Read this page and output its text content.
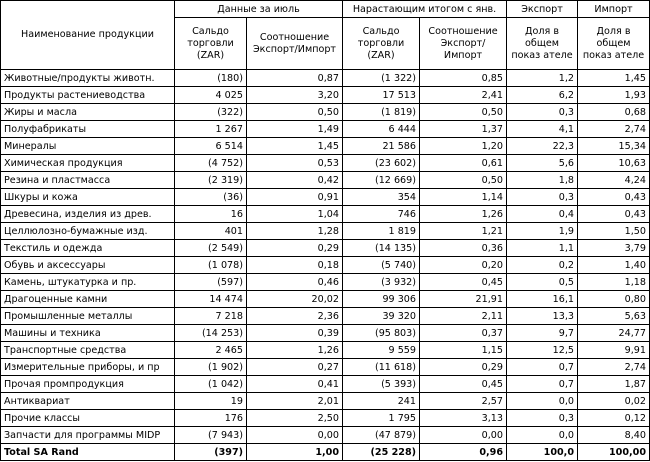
Наименование продукции	Данные за июль		Нарастающим итогом с янв.		Экспорт	Импорт
	Сальдо торговли (ZAR)	Соотношение Экспорт/Импорт	Сальдо торговли (ZAR)	Соотношение Экспорт/Импорт	Доля в общем показ ателе	Доля в общем показ ателе
Животные/продукты животн.	(180)	0,87	(1 322)	0,85	1,2	1,45
Продукты растениеводства	4 025	3,20	17 513	2,41	6,2	1,93
Жиры и масла	(322)	0,50	(1 819)	0,50	0,3	0,68
Полуфабрикаты	1 267	1,49	6 444	1,37	4,1	2,74
Минералы	6 514	1,45	21 586	1,20	22,3	15,34
Химическая продукция	(4 752)	0,53	(23 602)	0,61	5,6	10,63
Резина и пластмасса	(2 319)	0,42	(12 669)	0,50	1,8	4,24
Шкуры и кожа	(36)	0,91	354	1,14	0,3	0,43
Древесина, изделия из древ.	16	1,04	746	1,26	0,4	0,43
Целлюлозно-бумажные изд.	401	1,28	1 819	1,21	1,9	1,50
Текстиль и одежда	(2 549)	0,29	(14 135)	0,36	1,1	3,79
Обувь и аксессуары	(1 078)	0,18	(5 740)	0,20	0,2	1,40
Камень, штукатурка и пр.	(597)	0,46	(3 932)	0,45	0,5	1,18
Драгоценные камни	14 474	20,02	99 306	21,91	16,1	0,80
Промышленные металлы	7 218	2,36	39 320	2,11	13,3	5,63
Машины и техника	(14 253)	0,39	(95 803)	0,37	9,7	24,77
Транспортные средства	2 465	1,26	9 559	1,15	12,5	9,91
Измерительные приборы, и пр	(1 902)	0,27	(11 618)	0,29	0,7	2,74
Прочая промпродукция	(1 042)	0,41	(5 393)	0,45	0,7	1,87
Антиквариат	19	2,01	241	2,57	0,0	0,02
Прочие классы	176	2,50	1 795	3,13	0,3	0,12
Запчасти для программы MIDP	(7 943)	0,00	(47 879)	0,00	0,0	8,40
Total SA Rand	(397)	1,00	(25 228)	0,96	100,0	100,00
